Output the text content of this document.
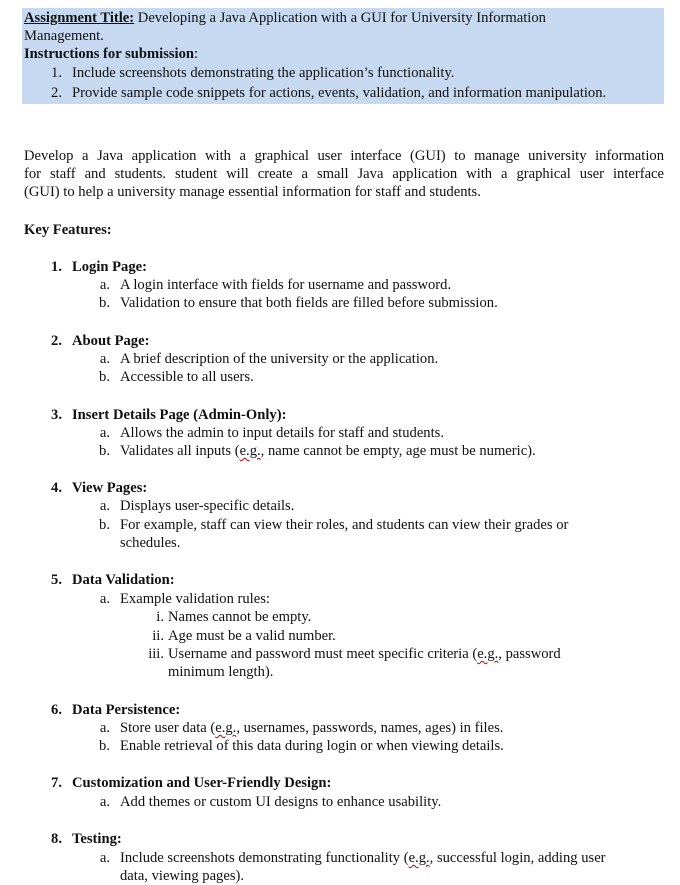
Assignment Title: Developing a Java Application with a GUI for University Information
Management.
Instructions for submission:
1. Include screenshots demonstrating the application’s functionality.
2. Provide sample code snippets for actions, events, validation, and information manipulation.
Develop a Java application with a graphical user interface (GUI) to manage university information
for staff and students. student will create a small Java application with a graphical user interface
(GUI) to help a university manage essential information for staff and students.
Key Features:
1. Login Page:
a. A login interface with fields for username and password.
b. Validation to ensure that both fields are filled before submission.
2. About Page:
a. A brief description of the university or the application.
b. Accessible to all users.
3. Insert Details Page (Admin-Only):
a. Allows the admin to input details for staff and students.
b. Validates all inputs (e.g., name cannot be empty, age must be numeric).
4. View Pages:
a. Displays user-specific details.
b. For example, staff can view their roles, and students can view their grades or
schedules.
5. Data Validation:
a. Example validation rules:
i. Names cannot be empty.
ii. Age must be a valid number.
iii. Username and password must meet specific criteria (e.g., password
minimum length).
6. Data Persistence:
a. Store user data (e.g., usernames, passwords, names, ages) in files.
b. Enable retrieval of this data during login or when viewing details.
7. Customization and User-Friendly Design:
a. Add themes or custom UI designs to enhance usability.
8. Testing:
a. Include screenshots demonstrating functionality (e.g., successful login, adding user
data, viewing pages).
